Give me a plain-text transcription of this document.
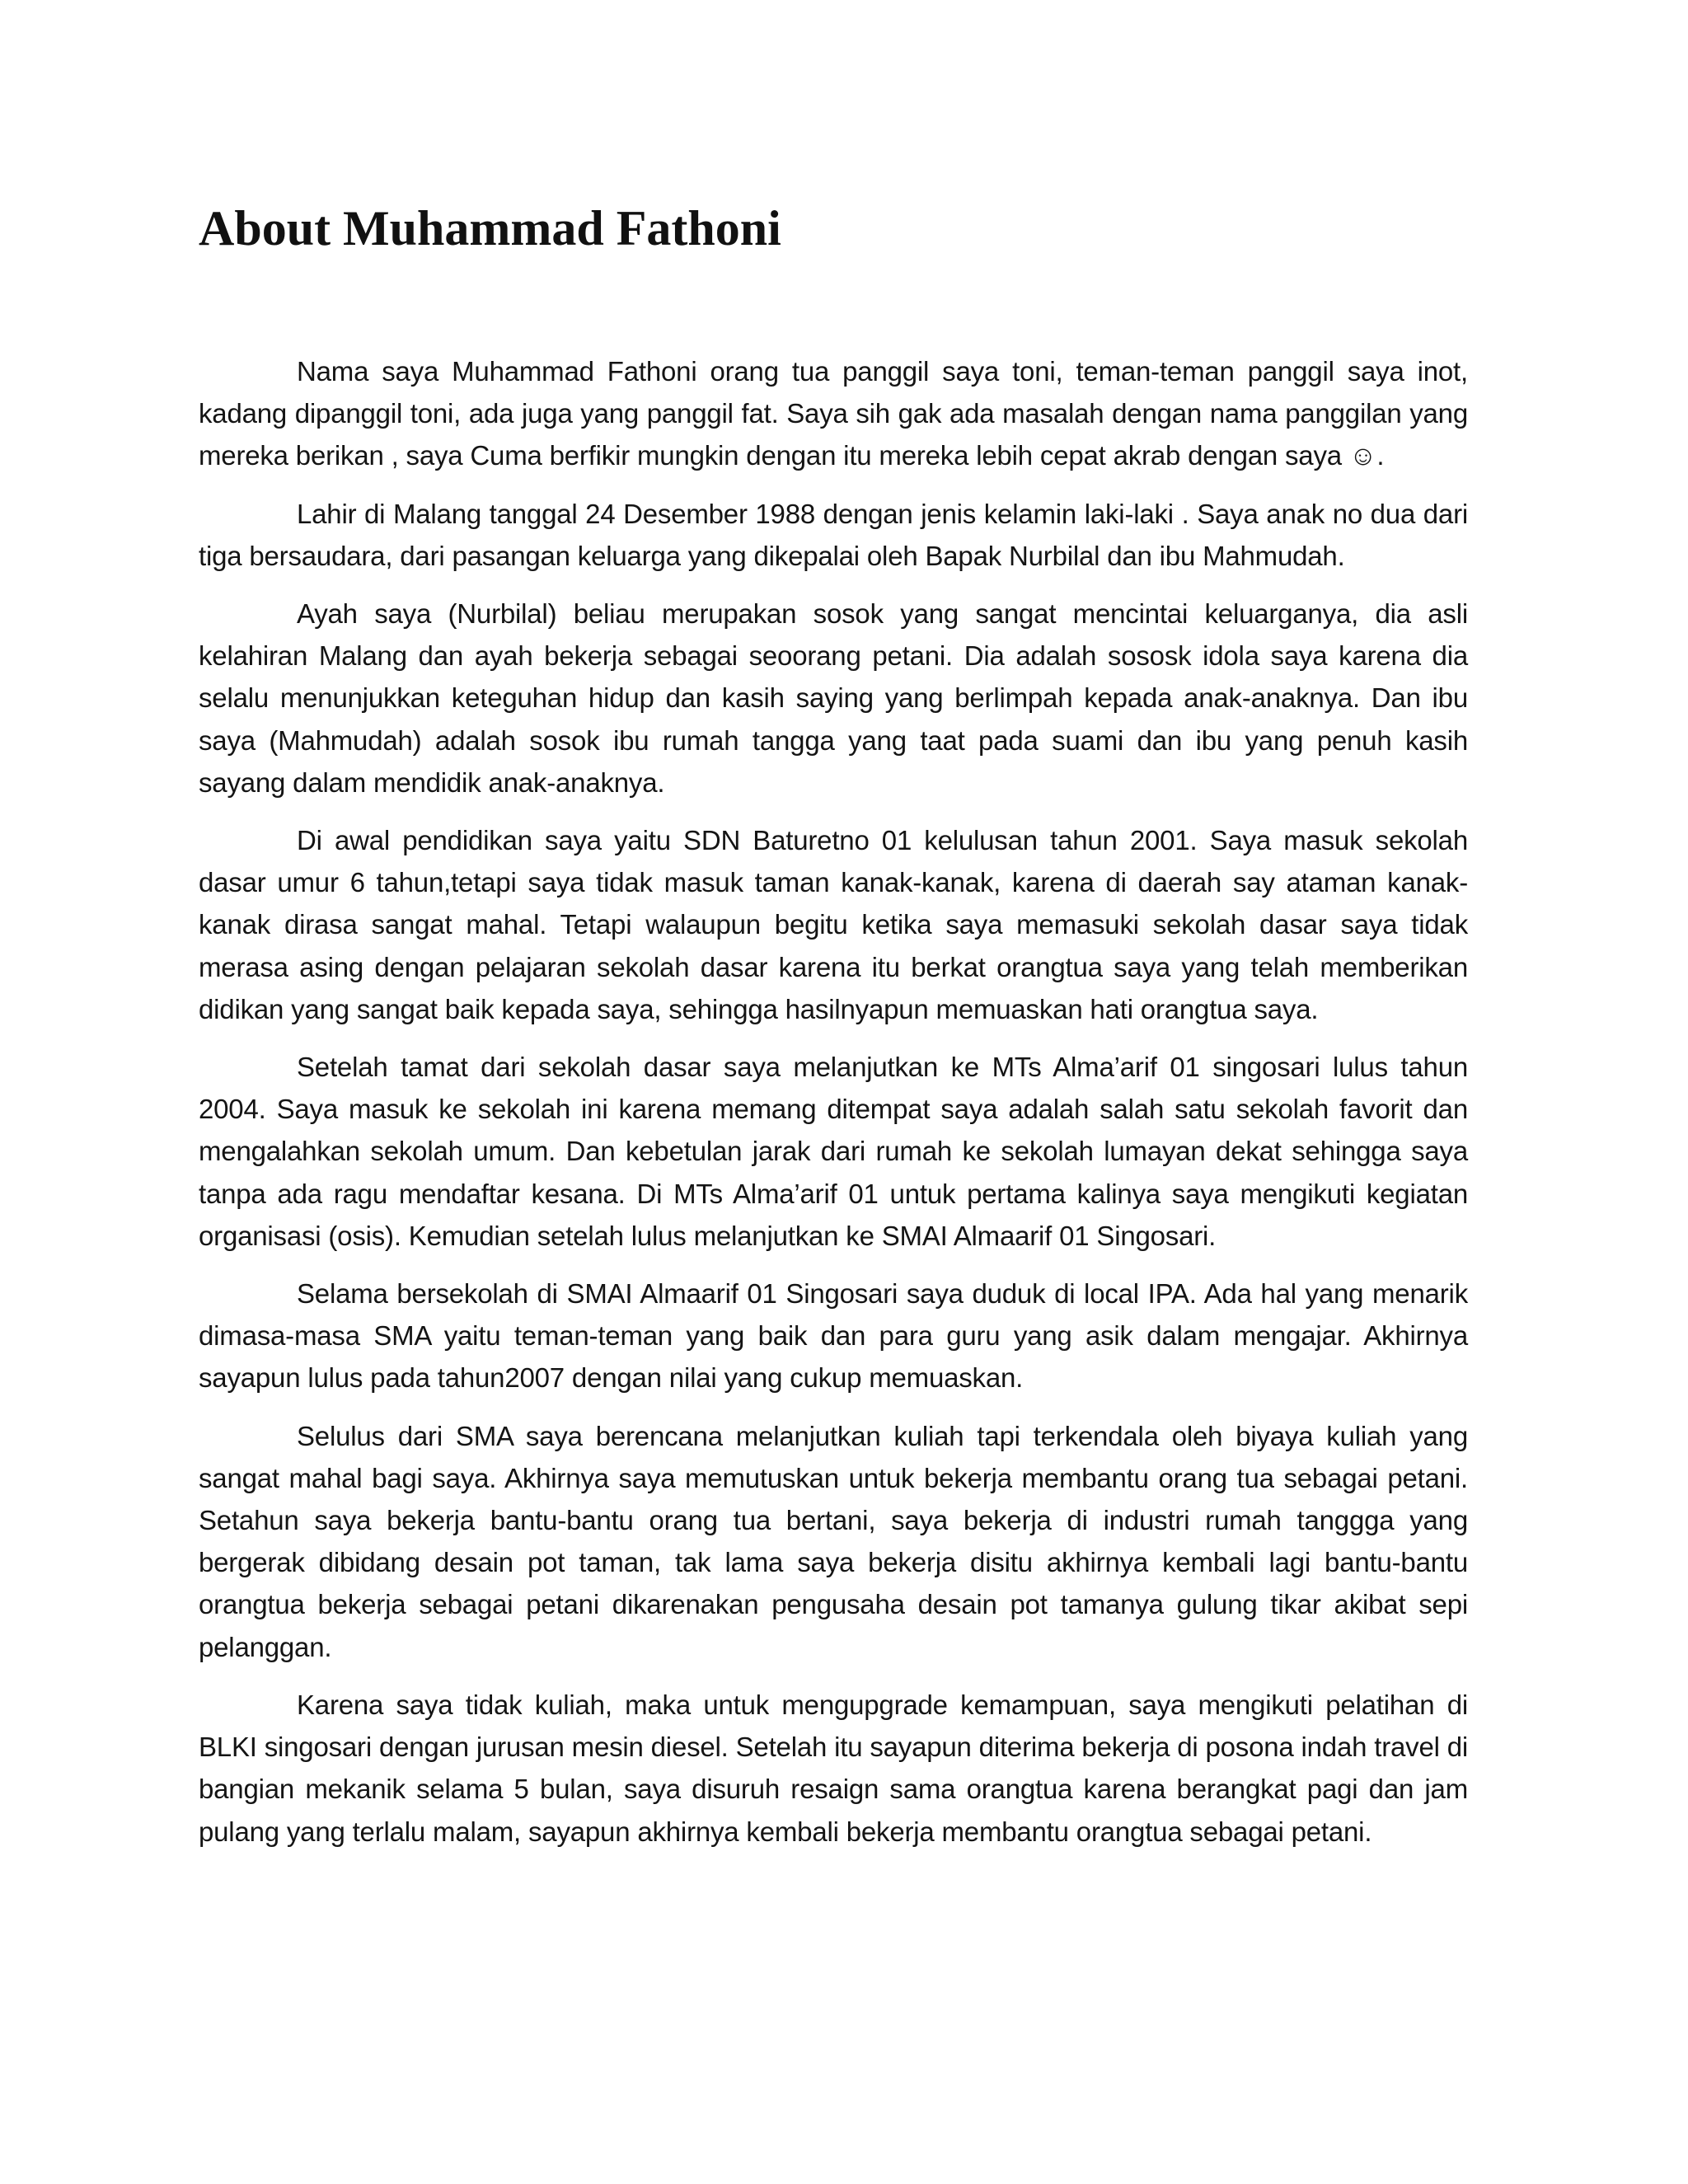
About Muhammad Fathoni

Nama saya Muhammad Fathoni orang tua panggil saya toni, teman-teman panggil saya inot, kadang dipanggil toni, ada juga yang panggil fat. Saya sih gak ada masalah dengan nama panggilan yang mereka berikan , saya Cuma berfikir mungkin dengan itu mereka lebih cepat akrab dengan saya ☺.

Lahir di Malang tanggal 24 Desember 1988 dengan jenis kelamin laki-laki . Saya anak no dua dari tiga bersaudara, dari pasangan keluarga yang dikepalai oleh Bapak Nurbilal dan ibu Mahmudah.

Ayah saya (Nurbilal) beliau merupakan sosok yang sangat mencintai keluarganya, dia asli kelahiran Malang dan ayah bekerja sebagai seoorang petani. Dia adalah sososk idola saya karena dia selalu menunjukkan keteguhan hidup dan kasih saying yang berlimpah kepada anak-anaknya. Dan ibu saya (Mahmudah) adalah sosok ibu rumah tangga yang taat pada suami dan ibu yang penuh kasih sayang dalam mendidik anak-anaknya.

Di awal pendidikan saya yaitu SDN Baturetno 01 kelulusan tahun 2001. Saya masuk sekolah dasar umur 6 tahun,tetapi saya tidak masuk taman kanak-kanak, karena di daerah say ataman kanak-kanak dirasa sangat mahal. Tetapi walaupun begitu ketika saya memasuki sekolah dasar saya tidak merasa asing dengan pelajaran sekolah dasar karena itu berkat orangtua saya yang telah memberikan didikan yang sangat baik kepada saya, sehingga hasilnyapun memuaskan hati orangtua saya.

Setelah tamat dari sekolah dasar saya melanjutkan ke MTs Alma’arif 01 singosari lulus tahun 2004. Saya masuk ke sekolah ini karena memang ditempat saya adalah salah satu sekolah favorit dan mengalahkan sekolah umum. Dan kebetulan jarak dari rumah ke sekolah lumayan dekat sehingga saya tanpa ada ragu mendaftar kesana. Di MTs Alma’arif 01 untuk pertama kalinya saya mengikuti kegiatan organisasi (osis). Kemudian setelah lulus melanjutkan ke SMAI Almaarif 01 Singosari.

Selama bersekolah di SMAI Almaarif 01 Singosari saya duduk di local IPA. Ada hal yang menarik dimasa-masa SMA yaitu teman-teman yang baik dan para guru yang asik dalam mengajar. Akhirnya sayapun lulus pada tahun2007 dengan nilai yang cukup memuaskan.

Selulus dari SMA saya berencana melanjutkan kuliah tapi terkendala oleh biyaya kuliah yang sangat mahal bagi saya. Akhirnya saya memutuskan untuk bekerja membantu orang tua sebagai petani. Setahun saya bekerja bantu-bantu orang tua bertani, saya bekerja di industri rumah tanggga yang bergerak dibidang desain pot taman, tak lama saya bekerja disitu akhirnya kembali lagi bantu-bantu orangtua bekerja sebagai petani dikarenakan pengusaha desain pot tamanya gulung tikar akibat sepi pelanggan.

Karena saya tidak kuliah, maka untuk mengupgrade kemampuan, saya mengikuti pelatihan di BLKI singosari dengan jurusan mesin diesel. Setelah itu sayapun diterima bekerja di posona indah travel di bangian mekanik selama 5 bulan, saya disuruh resaign sama orangtua karena berangkat pagi dan jam pulang yang terlalu malam, sayapun akhirnya kembali bekerja membantu orangtua sebagai petani.
